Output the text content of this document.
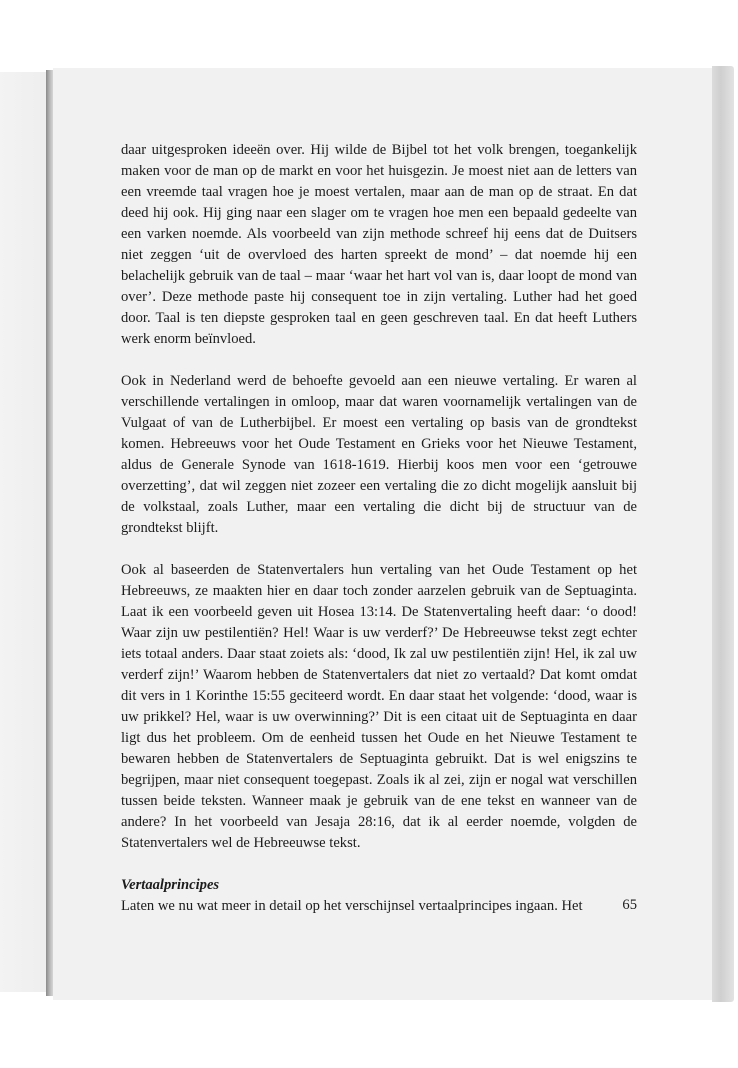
daar uitgesproken ideeën over. Hij wilde de Bijbel tot het volk brengen, toegankelijk maken voor de man op de markt en voor het huisgezin. Je moest niet aan de letters van een vreemde taal vragen hoe je moest vertalen, maar aan de man op de straat. En dat deed hij ook. Hij ging naar een slager om te vragen hoe men een bepaald gedeelte van een varken noemde. Als voorbeeld van zijn methode schreef hij eens dat de Duitsers niet zeggen ‘uit de overvloed des harten spreekt de mond’ – dat noemde hij een belachelijk gebruik van de taal – maar ‘waar het hart vol van is, daar loopt de mond van over’. Deze methode paste hij consequent toe in zijn vertaling. Luther had het goed door. Taal is ten diepste gesproken taal en geen geschreven taal. En dat heeft Luthers werk enorm beïnvloed.

Ook in Nederland werd de behoefte gevoeld aan een nieuwe vertaling. Er waren al verschillende vertalingen in omloop, maar dat waren voornamelijk vertalingen van de Vulgaat of van de Lutherbijbel. Er moest een vertaling op basis van de grondtekst komen. Hebreeuws voor het Oude Testament en Grieks voor het Nieuwe Testament, aldus de Generale Synode van 1618-1619. Hierbij koos men voor een ‘getrouwe overzetting’, dat wil zeggen niet zozeer een vertaling die zo dicht mogelijk aansluit bij de volkstaal, zoals Luther, maar een vertaling die dicht bij de structuur van de grondtekst blijft.

Ook al baseerden de Statenvertalers hun vertaling van het Oude Testament op het Hebreeuws, ze maakten hier en daar toch zonder aarzelen gebruik van de Septuaginta. Laat ik een voorbeeld geven uit Hosea 13:14. De Statenvertaling heeft daar: ‘o dood! Waar zijn uw pestilentiën? Hel! Waar is uw verderf?’ De Hebreeuwse tekst zegt echter iets totaal anders. Daar staat zoiets als: ‘dood, Ik zal uw pestilentiën zijn! Hel, ik zal uw verderf zijn!’ Waarom hebben de Statenvertalers dat niet zo vertaald? Dat komt omdat dit vers in 1 Korinthe 15:55 geciteerd wordt. En daar staat het volgende: ‘dood, waar is uw prikkel? Hel, waar is uw overwinning?’ Dit is een citaat uit de Septuaginta en daar ligt dus het probleem. Om de eenheid tussen het Oude en het Nieuwe Testament te bewaren hebben de Statenvertalers de Septuaginta gebruikt. Dat is wel enigszins te begrijpen, maar niet consequent toegepast. Zoals ik al zei, zijn er nogal wat verschillen tussen beide teksten. Wanneer maak je gebruik van de ene tekst en wanneer van de andere? In het voorbeeld van Jesaja 28:16, dat ik al eerder noemde, volgden de Statenvertalers wel de Hebreeuwse tekst.

Vertaalprincipes

Laten we nu wat meer in detail op het verschijnsel vertaalprincipes ingaan. Het	65
